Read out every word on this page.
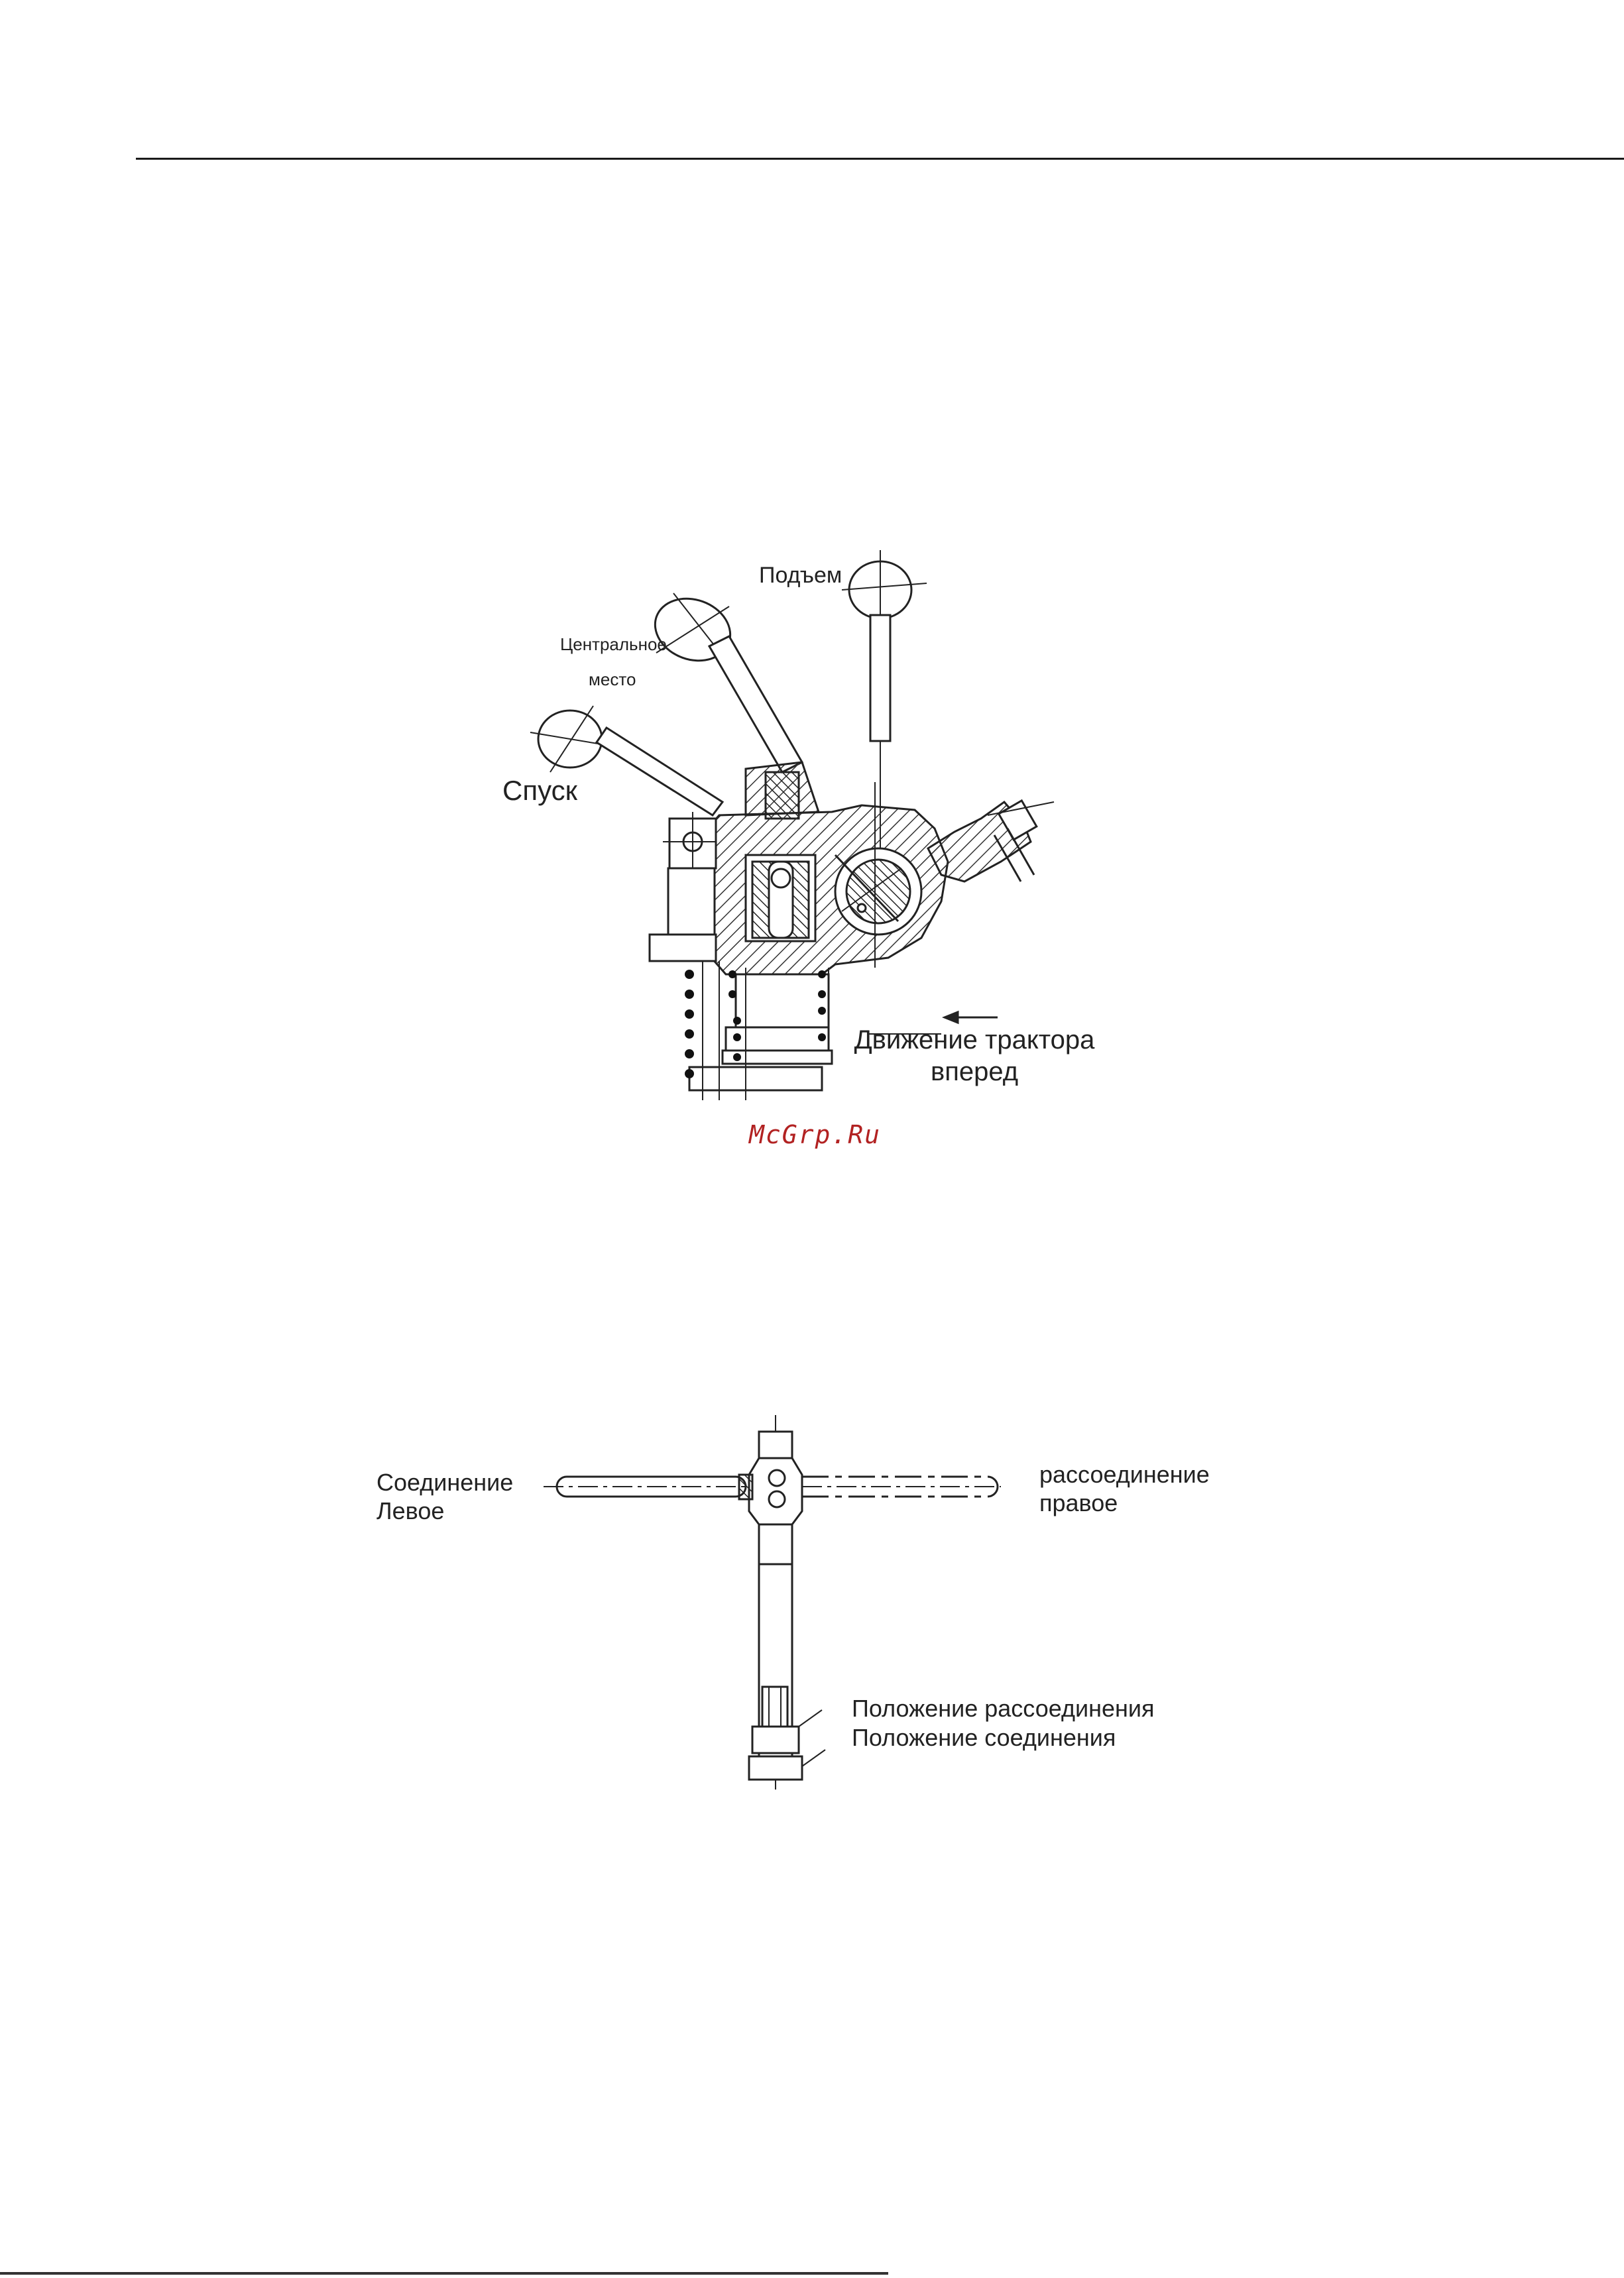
Подъем
Центральное
место
Спуск
Движение трактора
вперед
McGrp.Ru
Соединение
Левое
рассоединение
правое
Положение рассоединения
Положение соединения
